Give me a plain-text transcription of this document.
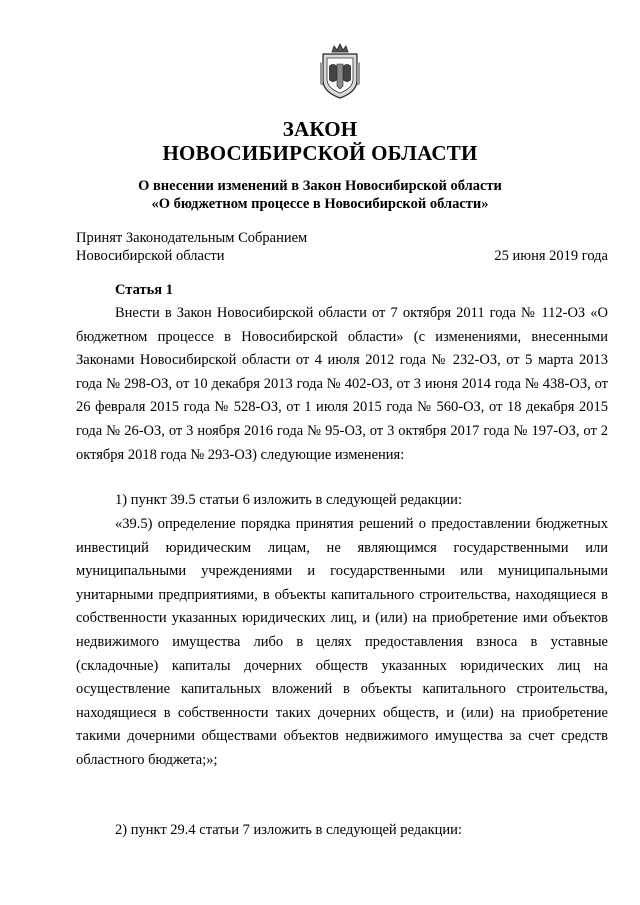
ЗАКОН
НОВОСИБИРСКОЙ ОБЛАСТИ
О внесении изменений в Закон Новосибирской области
«О бюджетном процессе в Новосибирской области»
Принят Законодательным Собранием
Новосибирской области	25 июня 2019 года
Статья 1

Внести в Закон Новосибирской области от 7 октября 2011 года № 112-ОЗ «О бюджетном процессе в Новосибирской области» (с изменениями, внесенными Законами Новосибирской области от 4 июля 2012 года № 232-ОЗ, от 5 марта 2013 года № 298-ОЗ, от 10 декабря 2013 года № 402-ОЗ, от 3 июня 2014 года № 438-ОЗ, от 26 февраля 2015 года № 528-ОЗ, от 1 июля 2015 года № 560-ОЗ, от 18 декабря 2015 года № 26-ОЗ, от 3 ноября 2016 года № 95-ОЗ, от 3 октября 2017 года № 197-ОЗ, от 2 октября 2018 года № 293-ОЗ) следующие изменения:

1) пункт 39.5 статьи 6 изложить в следующей редакции:

«39.5) определение порядка принятия решений о предоставлении бюджетных инвестиций юридическим лицам, не являющимся государственными или муниципальными учреждениями и государственными или муниципальными унитарными предприятиями, в объекты капитального строительства, находящиеся в собственности указанных юридических лиц, и (или) на приобретение ими объектов недвижимого имущества либо в целях предоставления взноса в уставные (складочные) капиталы дочерних обществ указанных юридических лиц на осуществление капитальных вложений в объекты капитального строительства, находящиеся в собственности таких дочерних обществ, и (или) на приобретение такими дочерними обществами объектов недвижимого имущества за счет средств областного бюджета;»;

2) пункт 29.4 статьи 7 изложить в следующей редакции:
